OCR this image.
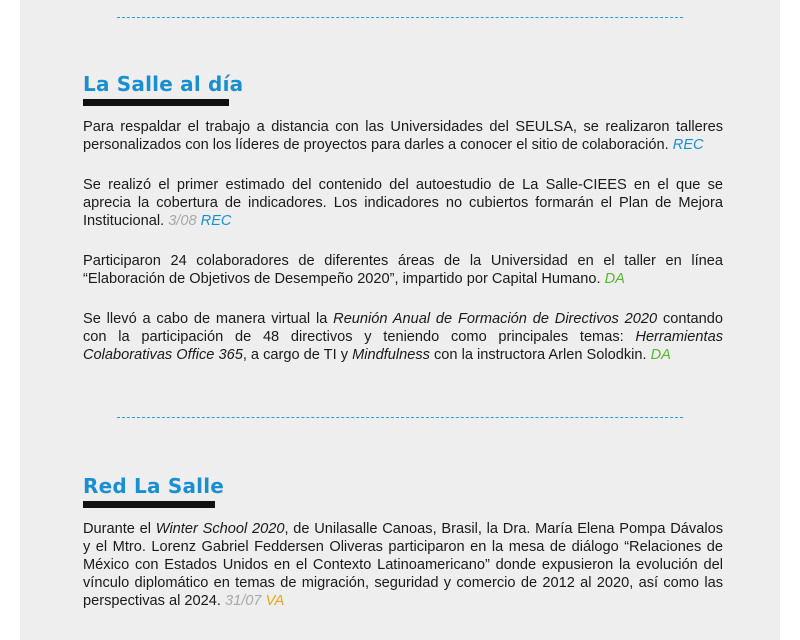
La Salle al día

Para respaldar el trabajo a distancia con las Universidades del SEULSA, se realizaron talleres personalizados con los líderes de proyectos para darles a conocer el sitio de colaboración. REC

Se realizó el primer estimado del contenido del autoestudio de La Salle-CIEES en el que se aprecia la cobertura de indicadores. Los indicadores no cubiertos formarán el Plan de Mejora Institucional. 3/08 REC

Participaron 24 colaboradores de diferentes áreas de la Universidad en el taller en línea “Elaboración de Objetivos de Desempeño 2020”, impartido por Capital Humano. DA

Se llevó a cabo de manera virtual la Reunión Anual de Formación de Directivos 2020 contando con la participación de 48 directivos y teniendo como principales temas: Herramientas Colaborativas Office 365, a cargo de TI y Mindfulness con la instructora Arlen Solodkin. DA

Red La Salle

Durante el Winter School 2020, de Unilasalle Canoas, Brasil, la Dra. María Elena Pompa Dávalos y el Mtro. Lorenz Gabriel Feddersen Oliveras participaron en la mesa de diálogo “Relaciones de México con Estados Unidos en el Contexto Latinoamericano” donde expusieron la evolución del vínculo diplomático en temas de migración, seguridad y comercio de 2012 al 2020, así como las perspectivas al 2024. 31/07 VA
